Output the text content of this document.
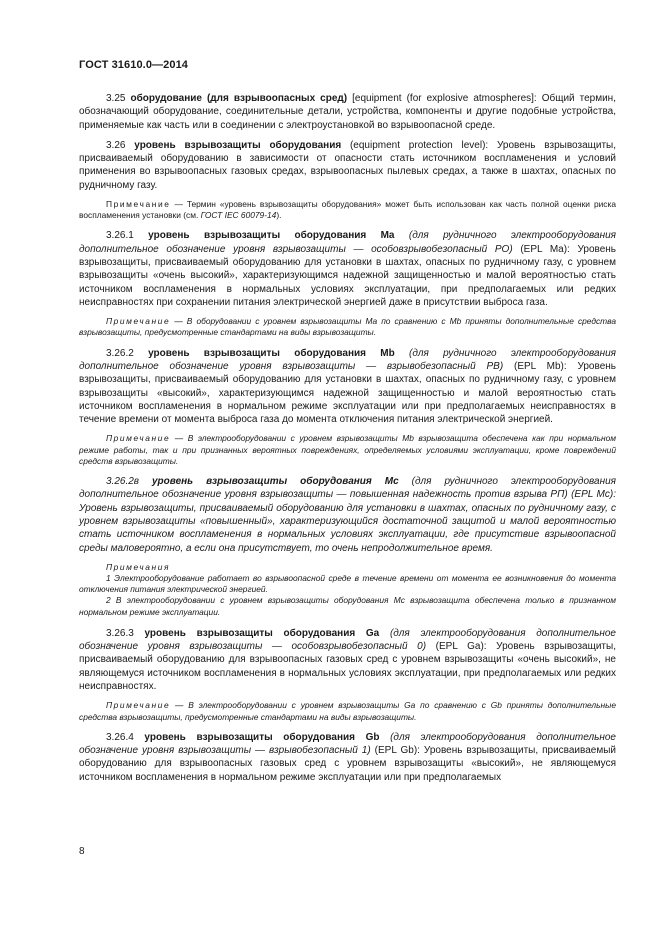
ГОСТ 31610.0—2014

3.25 оборудование (для взрывоопасных сред) [equipment (for explosive atmospheres]: Общий термин, обозначающий оборудование, соединительные детали, устройства, компоненты и другие подобные устройства, применяемые как часть или в соединении с электроустановкой во взрывоопасной среде.

3.26 уровень взрывозащиты оборудования (equipment protection level): Уровень взрывозащиты, присваиваемый оборудованию в зависимости от опасности стать источником воспламенения и условий применения во взрывоопасных газовых средах, взрывоопасных пылевых средах, а также в шахтах, опасных по рудничному газу.

Примечание — Термин «уровень взрывозащиты оборудования» может быть использован как часть полной оценки риска воспламенения установки (см. ГОСТ IEC 60079-14).

3.26.1 уровень взрывозащиты оборудования Ma (для рудничного электрооборудования дополнительное обозначение уровня взрывозащиты — особовзрывобезопасный PO) (EPL Ma): Уровень взрывозащиты, присваиваемый оборудованию для установки в шахтах, опасных по рудничному газу, с уровнем взрывозащиты «очень высокий», характеризующимся надежной защищенностью и малой вероятностью стать источником воспламенения в нормальных условиях эксплуатации, при предполагаемых или редких неисправностях при сохранении питания электрической энергией даже в присутствии выброса газа.

Примечание — В оборудовании с уровнем взрывозащиты Ma по сравнению с Mb приняты дополнительные средства взрывозащиты, предусмотренные стандартами на виды взрывозащиты.

3.26.2 уровень взрывозащиты оборудования Mb (для рудничного электрооборудования дополнительное обозначение уровня взрывозащиты — взрывобезопасный PB) (EPL Mb): Уровень взрывозащиты, присваиваемый оборудованию для установки в шахтах, опасных по рудничному газу, с уровнем взрывозащиты «высокий», характеризующимся надежной защищенностью и малой вероятностью стать источником воспламенения в нормальном режиме эксплуатации или при предполагаемых неисправностях в течение времени от момента выброса газа до момента отключения питания электрической энергией.

Примечание — В электрооборудовании с уровнем взрывозащиты Mb взрывозащита обеспечена как при нормальном режиме работы, так и при признанных вероятных повреждениях, определяемых условиями эксплуатации, кроме повреждений средств взрывозащиты.

3.26.2в уровень взрывозащиты оборудования Mc (для рудничного электрооборудования дополнительное обозначение уровня взрывозащиты — повышенная надежность против взрыва РП) (EPL Mc): Уровень взрывозащиты, присваиваемый оборудованию для установки в шахтах, опасных по рудничному газу, с уровнем взрывозащиты «повышенный», характеризующийся достаточной защитой и малой вероятностью стать источником воспламенения в нормальных условиях эксплуатации, где присутствие взрывоопасной среды маловероятно, а если она присутствует, то очень непродолжительное время.

Примечания

1 Электрооборудование работает во взрывоопасной среде в течение времени от момента ее возникновения до момента отключения питания электрической энергией.

2 В электрооборудовании с уровнем взрывозащиты оборудования Mc взрывозащита обеспечена только в признанном нормальном режиме эксплуатации.

3.26.3 уровень взрывозащиты оборудования Ga (для электрооборудования дополнительное обозначение уровня взрывозащиты — особовзрывобезопасный 0) (EPL Ga): Уровень взрывозащиты, присваиваемый оборудованию для взрывоопасных газовых сред с уровнем взрывозащиты «очень высокий», не являющемуся источником воспламенения в нормальных условиях эксплуатации, при предполагаемых или редких неисправностях.

Примечание — В электрооборудовании с уровнем взрывозащиты Ga по сравнению с Gb приняты дополнительные средства взрывозащиты, предусмотренные стандартами на виды взрывозащиты.

3.26.4 уровень взрывозащиты оборудования Gb (для электрооборудования дополнительное обозначение уровня взрывозащиты — взрывобезопасный 1) (EPL Gb): Уровень взрывозащиты, присваиваемый оборудованию для взрывоопасных газовых сред с уровнем взрывозащиты «высокий», не являющемуся источником воспламенения в нормальном режиме эксплуатации или при предполагаемых

8
